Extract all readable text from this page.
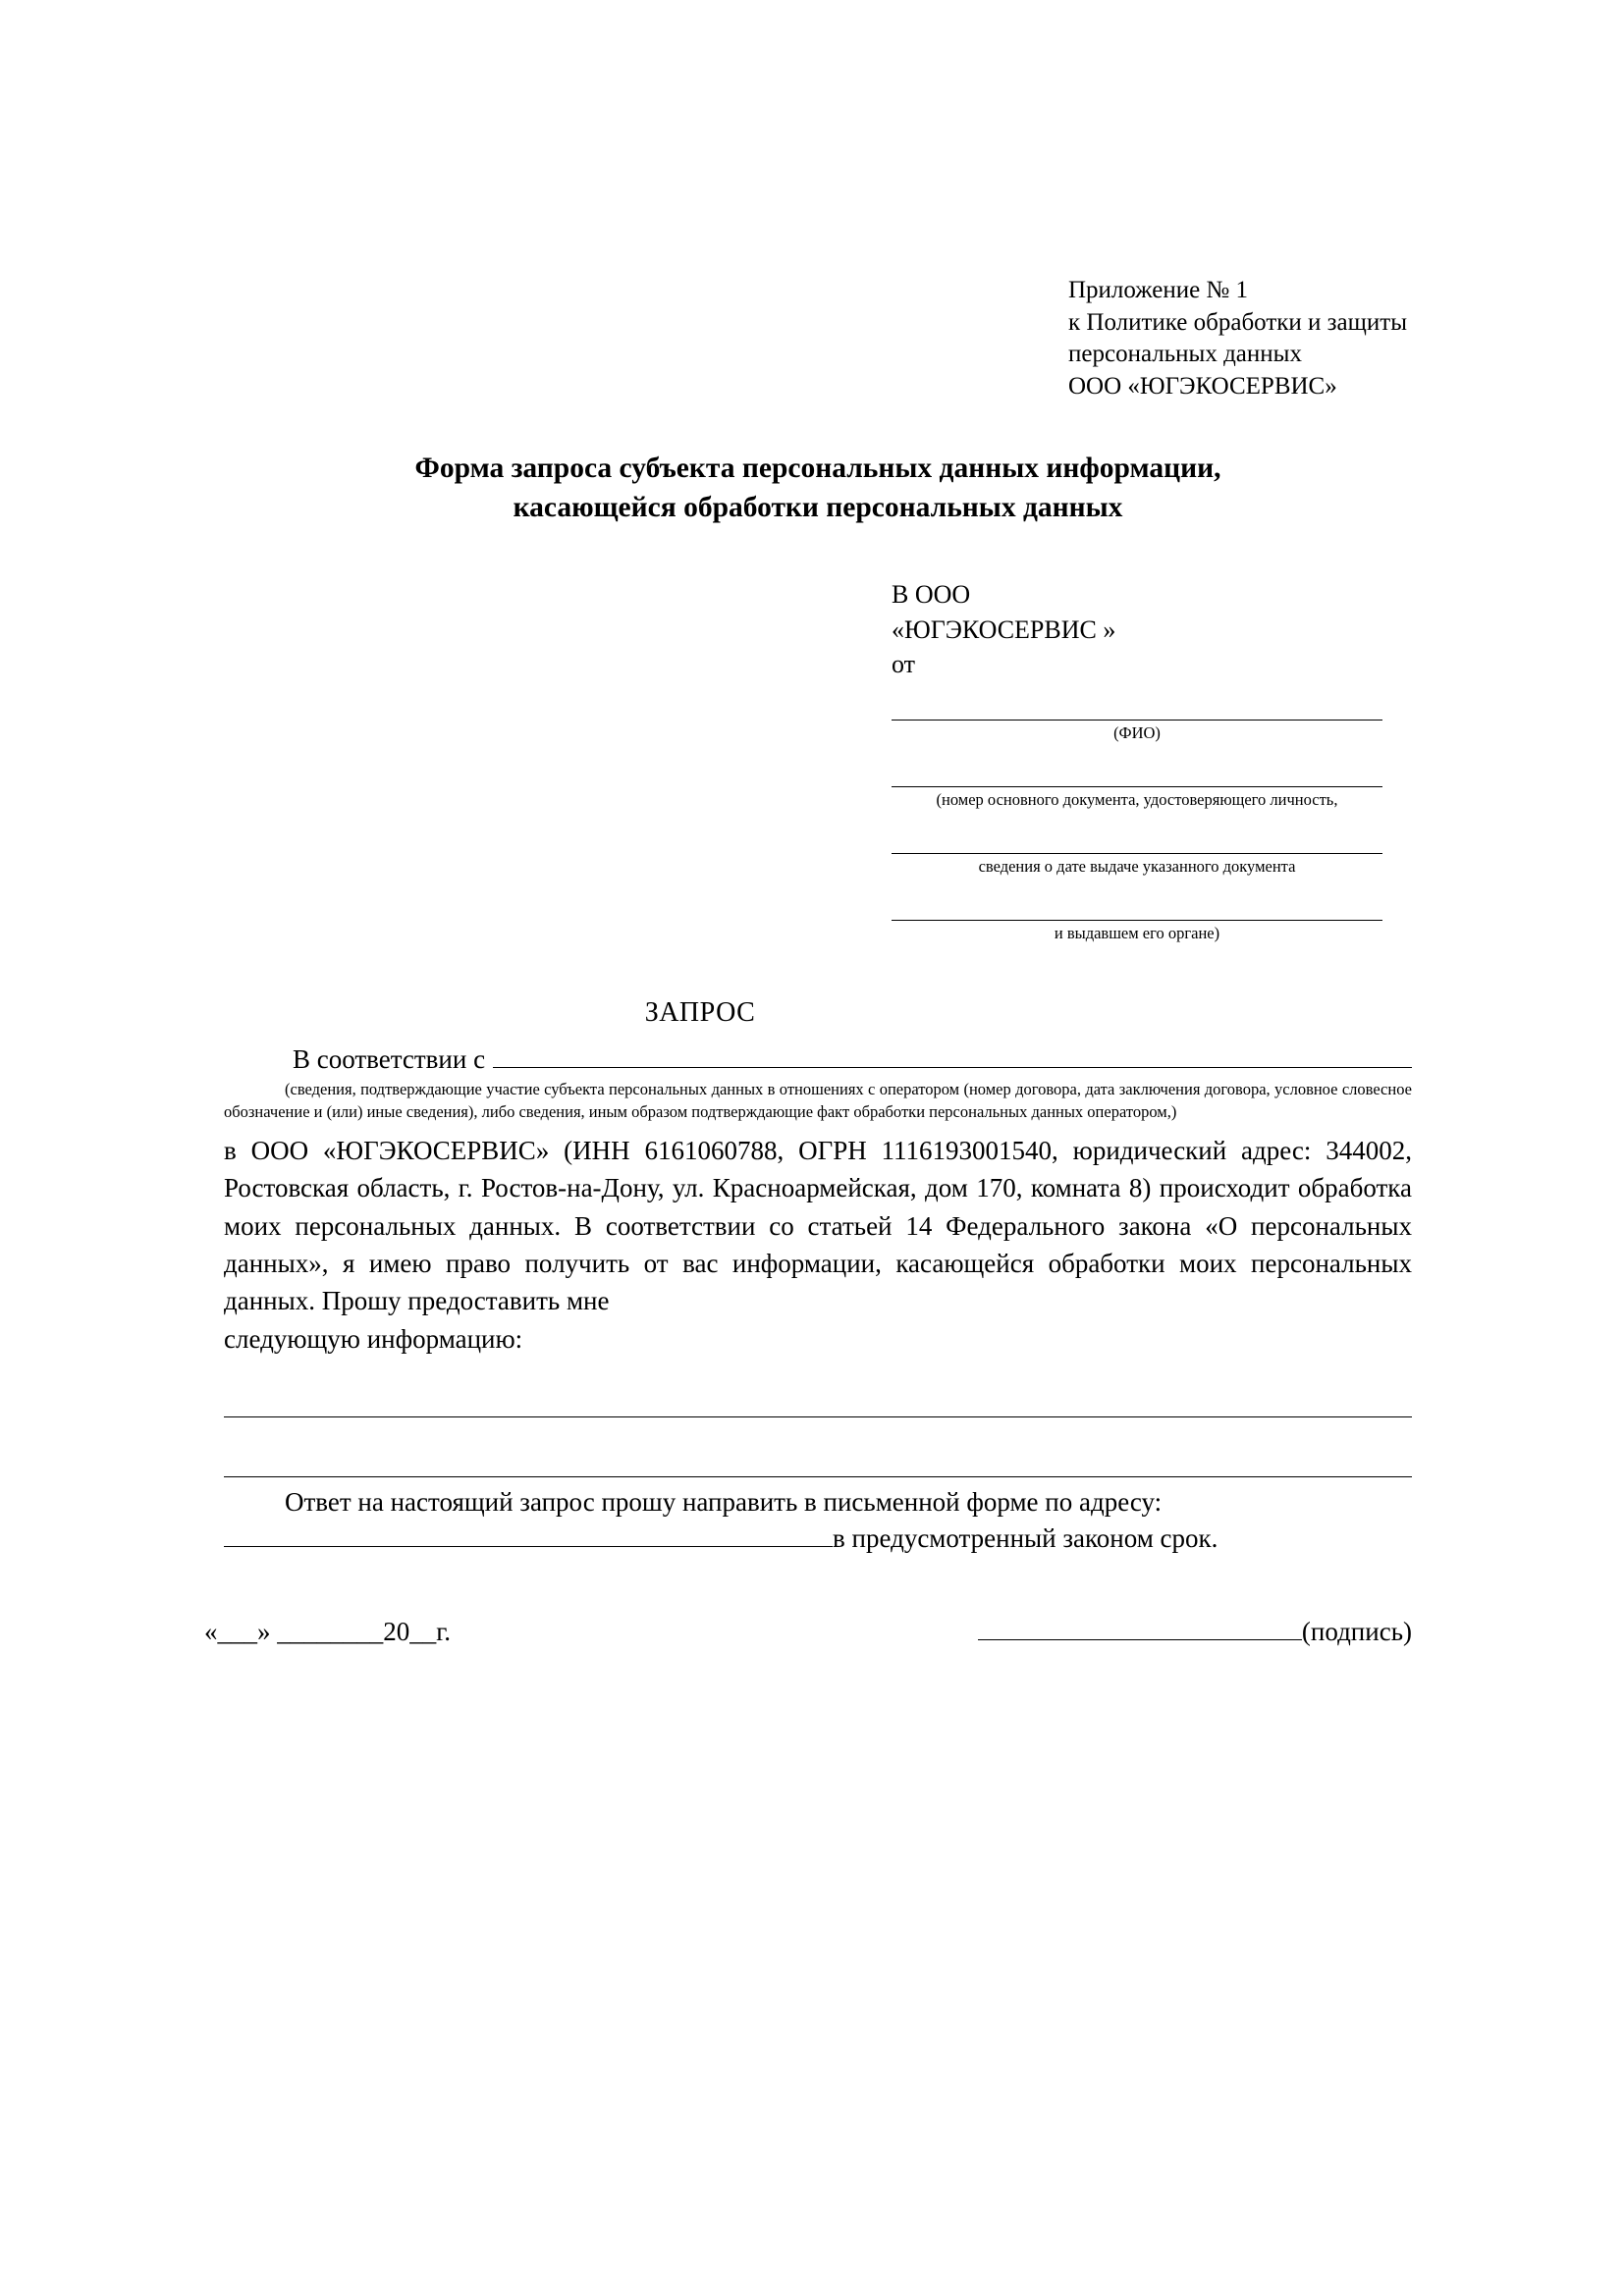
Приложение № 1
к Политике обработки и защиты
персональных данных
ООО «ЮГЭКОСЕРВИС»
Форма запроса субъекта персональных данных информации,
касающейся обработки персональных данных
В ООО
«ЮГЭКОСЕРВИС »
от
(ФИО)
(номер основного документа, удостоверяющего личность,
сведения о дате выдаче указанного документа
и выдавшем его органе)
ЗАПРОС
В соответствии с
(сведения, подтверждающие участие субъекта персональных данных в отношениях с оператором (номер договора, дата заключения договора, условное словесное обозначение и (или) иные сведения), либо сведения, иным образом подтверждающие факт обработки персональных данных оператором,)
в ООО «ЮГЭКОСЕРВИС» (ИНН 6161060788, ОГРН 1116193001540, юридический адрес: 344002, Ростовская область, г. Ростов-на-Дону, ул. Красноармейская, дом 170, комната 8) происходит обработка моих персональных данных. В соответствии со статьей 14 Федерального закона «О персональных данных», я имею право получить от вас информации, касающейся обработки моих персональных данных. Прошу предоставить мне
следующую информацию:
Ответ на настоящий запрос прошу направить в письменной форме по адресу:
в предусмотренный законом срок.
«___» ________20__г.	(подпись)
